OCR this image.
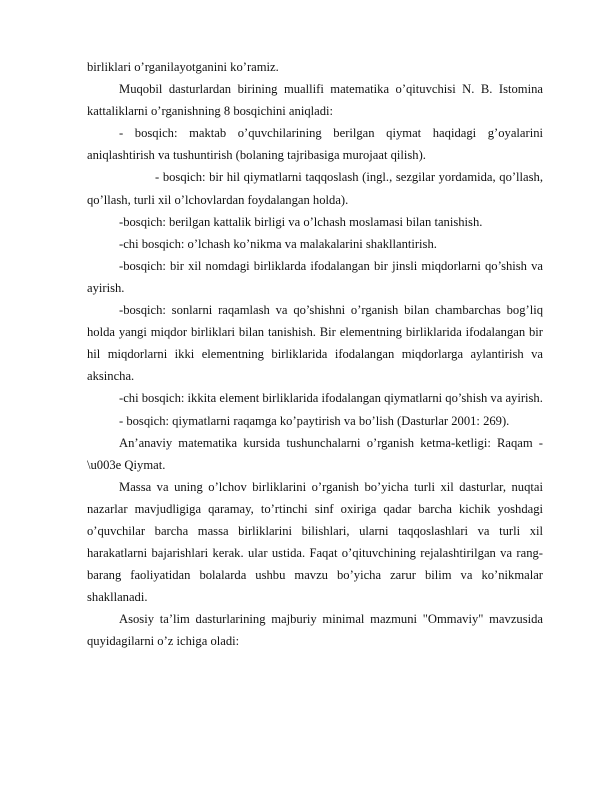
birliklari o’rganilayotganini ko’ramiz.

Muqobil dasturlardan birining muallifi matematika o’qituvchisi N. B. Istomina kattaliklarni o’rganishning 8 bosqichini aniqladi:

- bosqich: maktab o’quvchilarining berilgan qiymat haqidagi g’oyalarini aniqlashtirish va tushuntirish (bolaning tajribasiga murojaat qilish).

- bosqich: bir hil qiymatlarni taqqoslash (ingl., sezgilar yordamida, qo’llash, qo’llash, turli xil o’lchovlardan foydalangan holda).

-bosqich: berilgan kattalik birligi va o’lchash moslamasi bilan tanishish.

-chi bosqich: o’lchash ko’nikma va malakalarini shakllantirish.

-bosqich: bir xil nomdagi birliklarda ifodalangan bir jinsli miqdorlarni qo’shish va ayirish.

-bosqich: sonlarni raqamlash va qo’shishni o’rganish bilan chambarchas bog’liq holda yangi miqdor birliklari bilan tanishish. Bir elementning birliklarida ifodalangan bir hil miqdorlarni ikki elementning birliklarida ifodalangan miqdorlarga aylantirish va aksincha.

-chi bosqich: ikkita element birliklarida ifodalangan qiymatlarni qo’shish va ayirish.

- bosqich: qiymatlarni raqamga ko’paytirish va bo’lish (Dasturlar 2001: 269).

An’anaviy matematika kursida tushunchalarni o’rganish ketma-ketligi: Raqam -\u003e Qiymat.

Massa va uning o’lchov birliklarini o’rganish bo’yicha turli xil dasturlar, nuqtai nazarlar mavjudligiga qaramay, to’rtinchi sinf oxiriga qadar barcha kichik yoshdagi o’quvchilar barcha massa birliklarini bilishlari, ularni taqqoslashlari va turli xil harakatlarni bajarishlari kerak. ular ustida. Faqat o’qituvchining rejalashtirilgan va rang-barang faoliyatidan bolalarda ushbu mavzu bo’yicha zarur bilim va ko’nikmalar shakllanadi.

Asosiy ta’lim dasturlarining majburiy minimal mazmuni "Ommaviy" mavzusida quyidagilarni o’z ichiga oladi:
